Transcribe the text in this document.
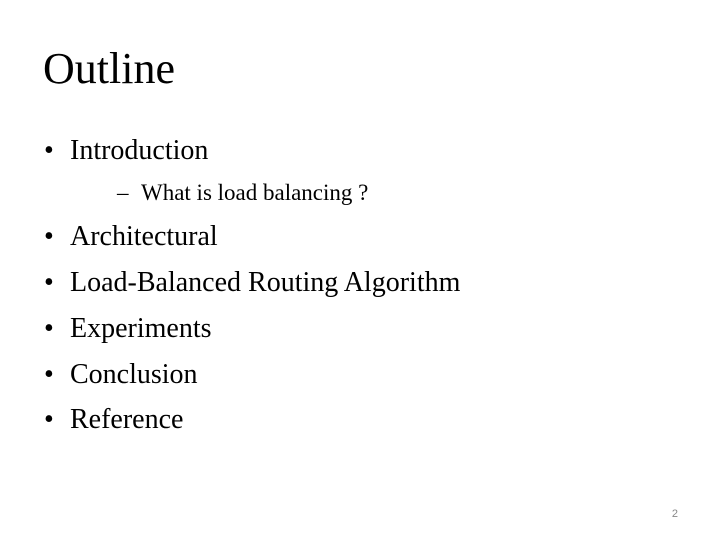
Outline
• Introduction
– What is load balancing ?
• Architectural
• Load-Balanced Routing Algorithm
• Experiments
• Conclusion
• Reference
2
